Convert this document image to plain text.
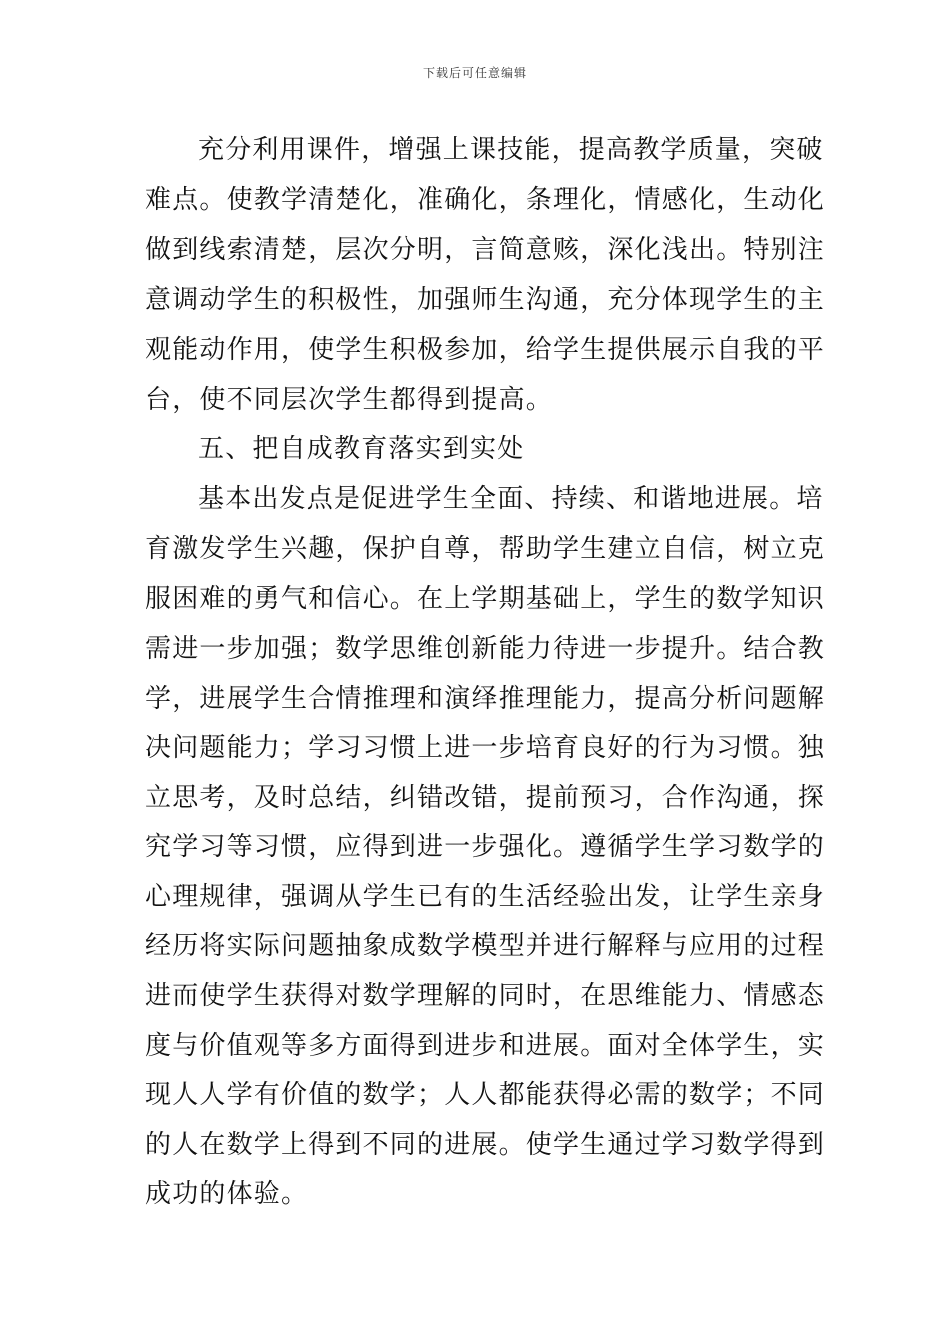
下载后可任意编辑
充分利用课件，增强上课技能，提高教学质量，突破
难点。使教学清楚化，准确化，条理化，情感化，生动化
做到线索清楚，层次分明，言简意赅，深化浅出。特别注
意调动学生的积极性，加强师生沟通，充分体现学生的主
观能动作用，使学生积极参加，给学生提供展示自我的平
台，使不同层次学生都得到提高。
五、把自成教育落实到实处
基本出发点是促进学生全面、持续、和谐地进展。培
育激发学生兴趣，保护自尊，帮助学生建立自信，树立克
服困难的勇气和信心。在上学期基础上，学生的数学知识
需进一步加强；数学思维创新能力待进一步提升。结合教
学，进展学生合情推理和演绎推理能力，提高分析问题解
决问题能力；学习习惯上进一步培育良好的行为习惯。独
立思考，及时总结，纠错改错，提前预习，合作沟通，探
究学习等习惯，应得到进一步强化。遵循学生学习数学的
心理规律，强调从学生已有的生活经验出发，让学生亲身
经历将实际问题抽象成数学模型并进行解释与应用的过程
进而使学生获得对数学理解的同时，在思维能力、情感态
度与价值观等多方面得到进步和进展。面对全体学生，实
现人人学有价值的数学；人人都能获得必需的数学；不同
的人在数学上得到不同的进展。使学生通过学习数学得到
成功的体验。
